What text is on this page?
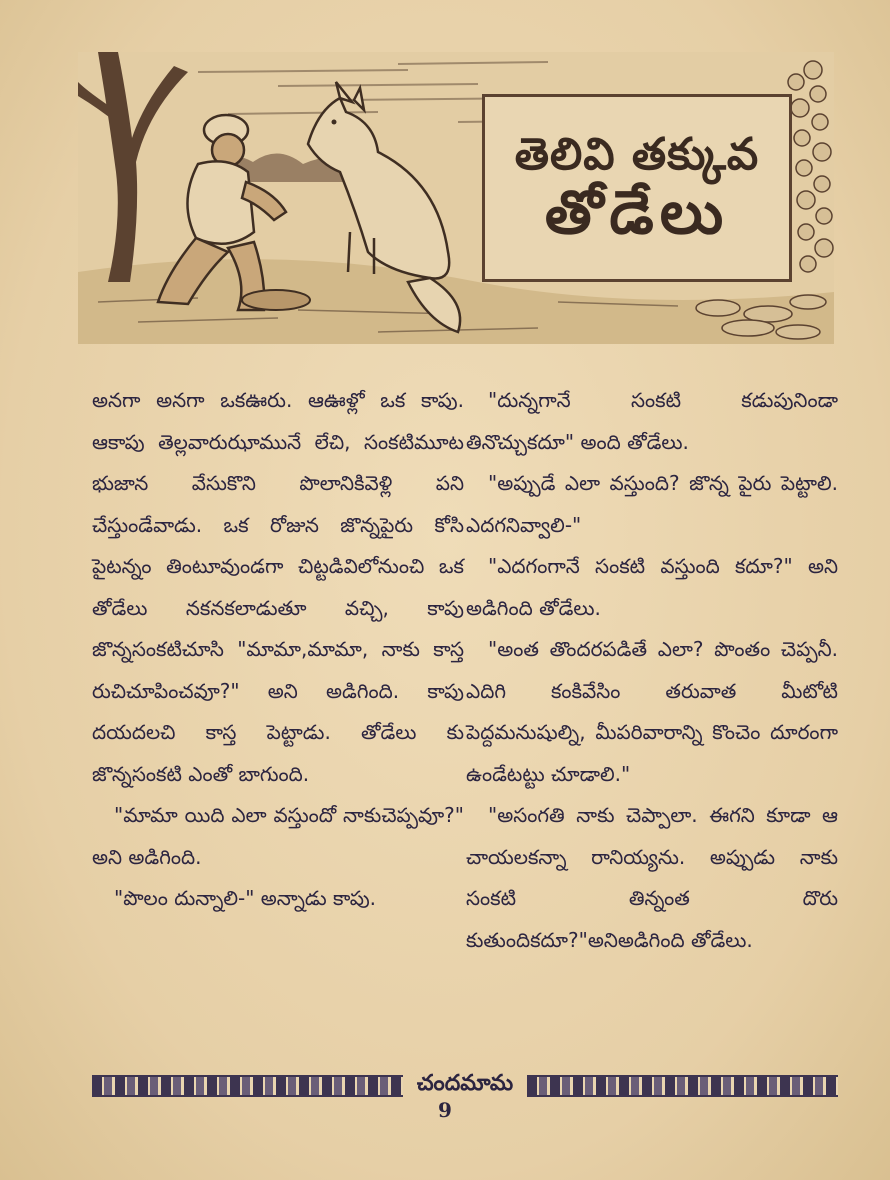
తెలివి తక్కువ
తోడేలు

అనగా అనగా ఒకఊరు. ఆఊళ్లో ఒక కాపు. ఆకాపు తెల్లవారుఝామునే లేచి, సంకటిమూట భుజాన వేసుకొని పొలానికివెళ్లి పని చేస్తుండేవాడు. ఒక రోజున జొన్నపైరు కోసి పైటన్నం తింటూవుండగా చిట్టడివిలోనుంచి ఒక తోడేలు నకనకలాడుతూ వచ్చి, కాపు జొన్నసంకటిచూసి "మామా,మామా, నాకు కాస్త రుచిచూపించవూ?" అని అడిగింది. కాపు దయదలచి కాస్త పెట్టాడు. తోడేలు కు జొన్నసంకటి ఎంతో బాగుంది.

"మామా యిది ఎలా వస్తుందో నాకుచెప్పవూ?" అని అడిగింది.

"పొలం దున్నాలి-" అన్నాడు కాపు.

"దున్నగానే సంకటి కడుపునిండా తినొచ్చుకదూ" అంది తోడేలు.

"అప్పుడే ఎలా వస్తుంది? జొన్న పైరు పెట్టాలి. ఎదగనివ్వాలి-"

"ఎదగంగానే సంకటి వస్తుంది కదూ?" అని అడిగింది తోడేలు.

"అంత తొందరపడితే ఎలా? పొంతం చెప్పనీ. ఎదిగి కంకివేసిం తరువాత మీటోటి పెద్దమనుషుల్ని, మీపరివారాన్ని కొంచెం దూరంగా ఉండేటట్టు చూడాలి."

"అసంగతి నాకు చెప్పాలా. ఈగని కూడా ఆ చాయలకన్నా రానియ్యను. అప్పుడు నాకు సంకటి తిన్నంత దొరు కుతుందికదూ?"అనిఅడిగింది తోడేలు.

చందమామ
9
